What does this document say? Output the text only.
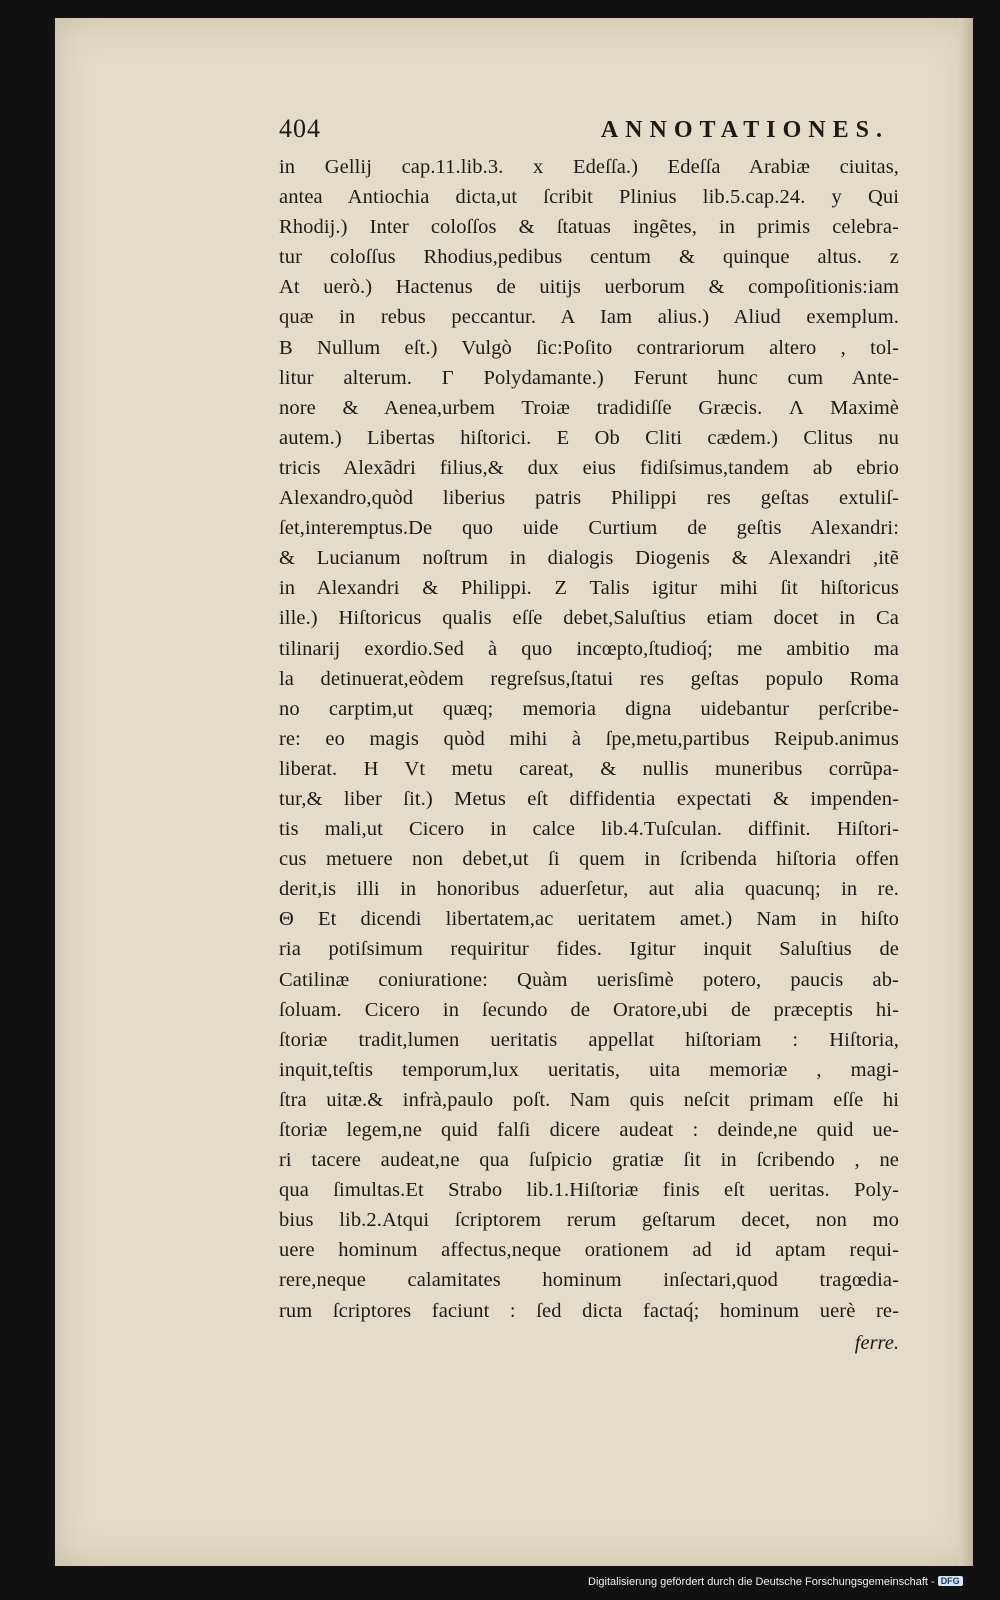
404	ANNOTATIONES.
in Gellij cap.11.lib.3. x Edeſſa.) Edeſſa Arabiæ ciuitas,
antea Antiochia dicta,ut ſcribit Plinius lib.5.cap.24. y Qui
Rhodij.) Inter coloſſos & ſtatuas ingẽtes, in primis celebra-
tur coloſſus Rhodius,pedibus centum & quinque altus. z
At uerò.) Hactenus de uitijs uerborum & compoſitionis:iam
quæ in rebus peccantur. A Iam alius.) Aliud exemplum.
B Nullum eſt.) Vulgò ſic:Poſito contrariorum altero , tol-
litur alterum. Γ Polydamante.) Ferunt hunc cum Ante-
nore & Aenea,urbem Troiæ tradidiſſe Græcis. Λ Maximè
autem.) Libertas hiſtorici. E Ob Cliti cædem.) Clitus nu
tricis Alexãdri filius,& dux eius fidiſsimus,tandem ab ebrio
Alexandro,quòd liberius patris Philippi res geſtas extuliſ-
ſet,interemptus.De quo uide Curtium de geſtis Alexandri:
& Lucianum noſtrum in dialogis Diogenis & Alexandri ,itẽ
in Alexandri & Philippi. Z Talis igitur mihi ſit hiſtoricus
ille.) Hiſtoricus qualis eſſe debet,Saluſtius etiam docet in Ca
tilinarij exordio.Sed à quo incœpto,ſtudioq́; me ambitio ma
la detinuerat,eòdem regreſsus,ſtatui res geſtas populo Roma
no carptim,ut quæq; memoria digna uidebantur perſcribe-
re: eo magis quòd mihi à ſpe,metu,partibus Reipub.animus
liberat. H Vt metu careat, & nullis muneribus corrũpa-
tur,& liber ſit.) Metus eſt diffidentia expectati & impenden-
tis mali,ut Cicero in calce lib.4.Tuſculan. diffinit. Hiſtori-
cus metuere non debet,ut ſi quem in ſcribenda hiſtoria offen
derit,is illi in honoribus aduerſetur, aut alia quacunq; in re.
Θ Et dicendi libertatem,ac ueritatem amet.) Nam in hiſto
ria potiſsimum requiritur fides. Igitur inquit Saluſtius de
Catilinæ coniuratione: Quàm uerisſimè potero, paucis ab-
ſoluam. Cicero in ſecundo de Oratore,ubi de præceptis hi-
ſtoriæ tradit,lumen ueritatis appellat hiſtoriam : Hiſtoria,
inquit,teſtis temporum,lux ueritatis, uita memoriæ , magi-
ſtra uitæ.& infrà,paulo poſt. Nam quis neſcit primam eſſe hi
ſtoriæ legem,ne quid falſi dicere audeat : deinde,ne quid ue-
ri tacere audeat,ne qua ſuſpicio gratiæ ſit in ſcribendo , ne
qua ſimultas.Et Strabo lib.1.Hiſtoriæ finis eſt ueritas. Poly-
bius lib.2.Atqui ſcriptorem rerum geſtarum decet, non mo
uere hominum affectus,neque orationem ad id aptam requi-
rere,neque calamitates hominum inſectari,quod tragœdia-
rum ſcriptores faciunt : ſed dicta factaq́; hominum uerè re-
ferre.
Digitalisierung gefördert durch die Deutsche Forschungsgemeinschaft - DFG
